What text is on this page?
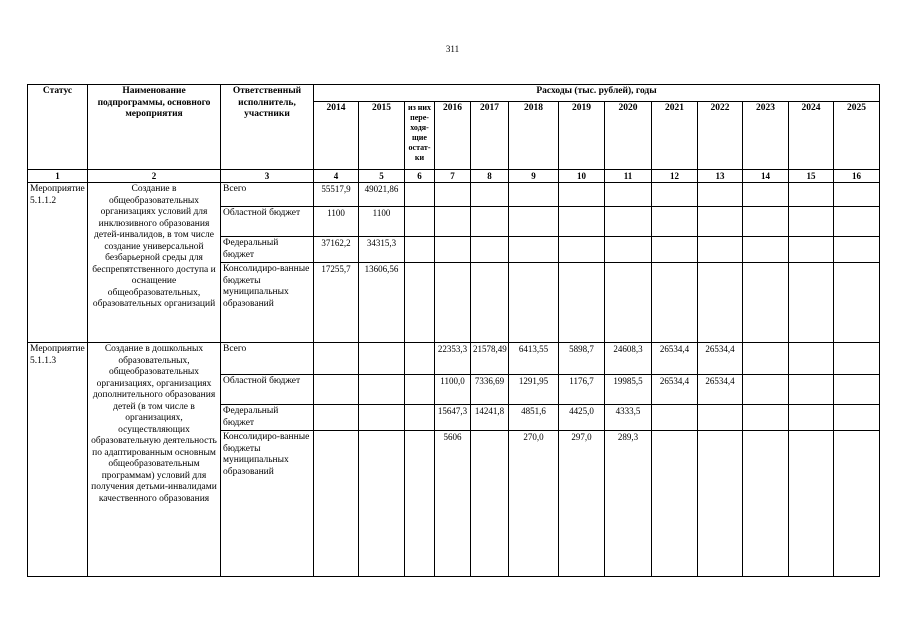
311
Статус	Наименование подпрограммы, основного мероприятия	Ответственный исполнитель, участники	Расходы (тыс. рублей), годы												
			2014	2015	из них пере-ходя-щие остат-ки	2016	2017	2018	2019	2020	2021	2022	2023	2024	2025
1	2	3	4	5	6	7	8	9	10	11	12	13	14	15	16
Мероприятие 5.1.1.2	Создание в общеобразовательных организациях условий для инклюзивного образования детей-инвалидов, в том числе создание универсальной безбарьерной среды для беспрепятственного доступа и оснащение общеобразовательных, образовательных организаций	Всего	55517,9	49021,86											
		Областной бюджет	1100	1100											
		Федеральный бюджет	37162,2	34315,3											
		Консолидиро-ванные бюджеты муниципальных образований	17255,7	13606,56											
Мероприятие 5.1.1.3	Создание в дошкольных образовательных, общеобразовательных организациях, организациях дополнительного образования детей (в том числе в организациях, осуществляющих образовательную деятельность по адаптированным основным общеобразовательным программам) условий для получения детьми-инвалидами качественного образования	Всего				22353,3	21578,49	6413,55	5898,7	24608,3	26534,4	26534,4			
		Областной бюджет				1100,0	7336,69	1291,95	1176,7	19985,5	26534,4	26534,4			
		Федеральный бюджет				15647,3	14241,8	4851,6	4425,0	4333,5					
		Консолидиро-ванные бюджеты муниципальных образований				5606		270,0	297,0	289,3					
